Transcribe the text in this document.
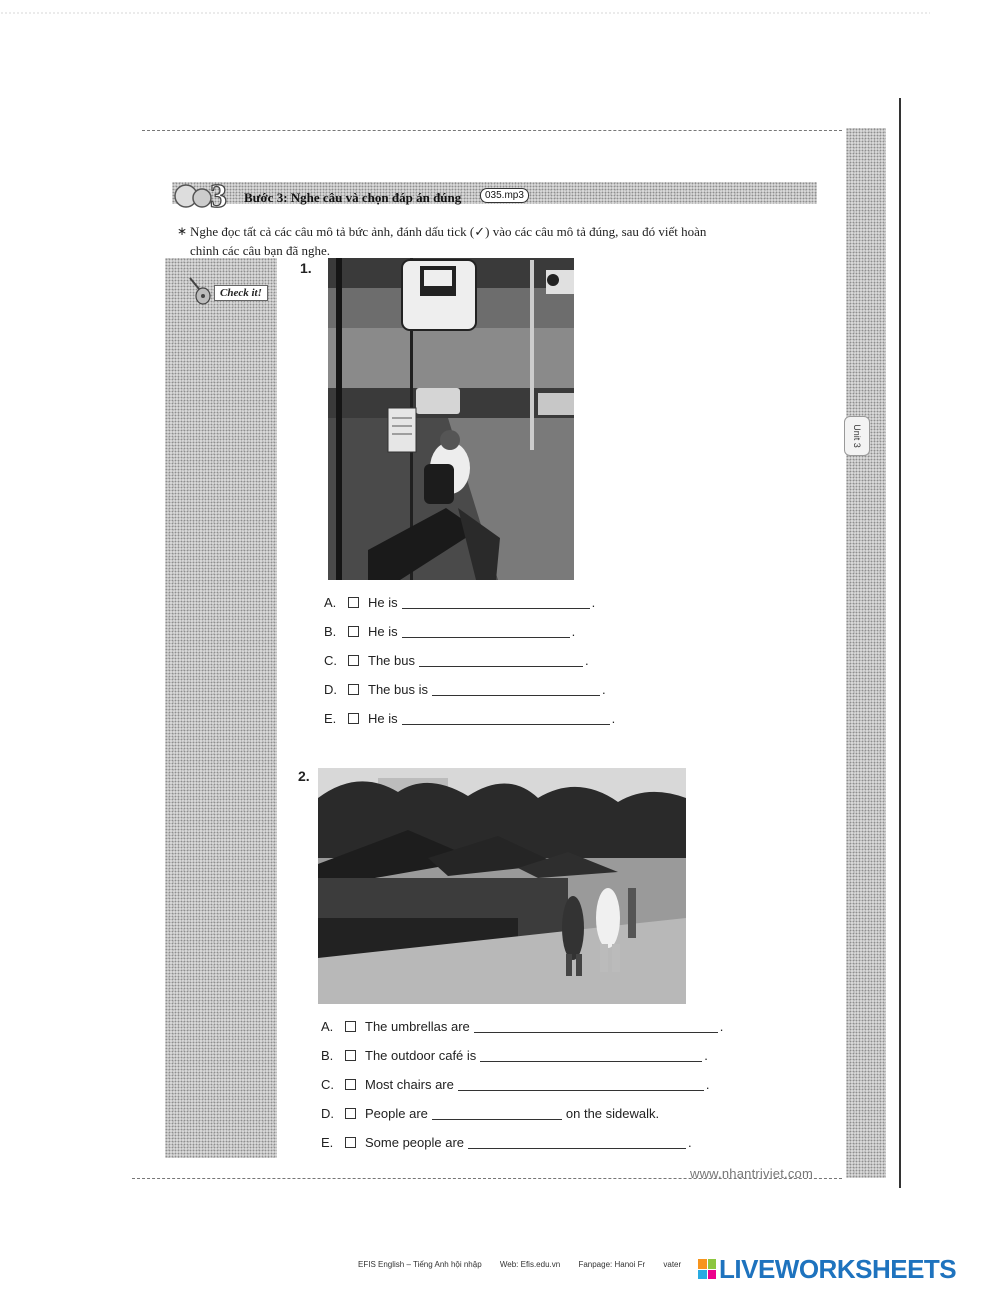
Unit 3
3 Bước 3: Nghe câu và chọn đáp án đúng	035.mp3
∗ Nghe đọc tất cả các câu mô tả bức ảnh, đánh dấu tick (✓) vào các câu mô tả đúng, sau đó viết hoàn
chỉnh các câu bạn đã nghe.
Check it!
1.
A.	He is	.
B.	He is	.
C.	The bus	.
D.	The bus is	.
E.	He is	.
2.
A.	The umbrellas are	.
B.	The outdoor café is	.
C.	Most chairs are	.
D.	People are	on the sidewalk.
E.	Some people are	.
www.nhantriviet.com
EFIS English – Tiếng Anh hội nhập Web: Efis.edu.vn Fanpage: Hanoi Fr vater	LIVEWORKSHEETS
